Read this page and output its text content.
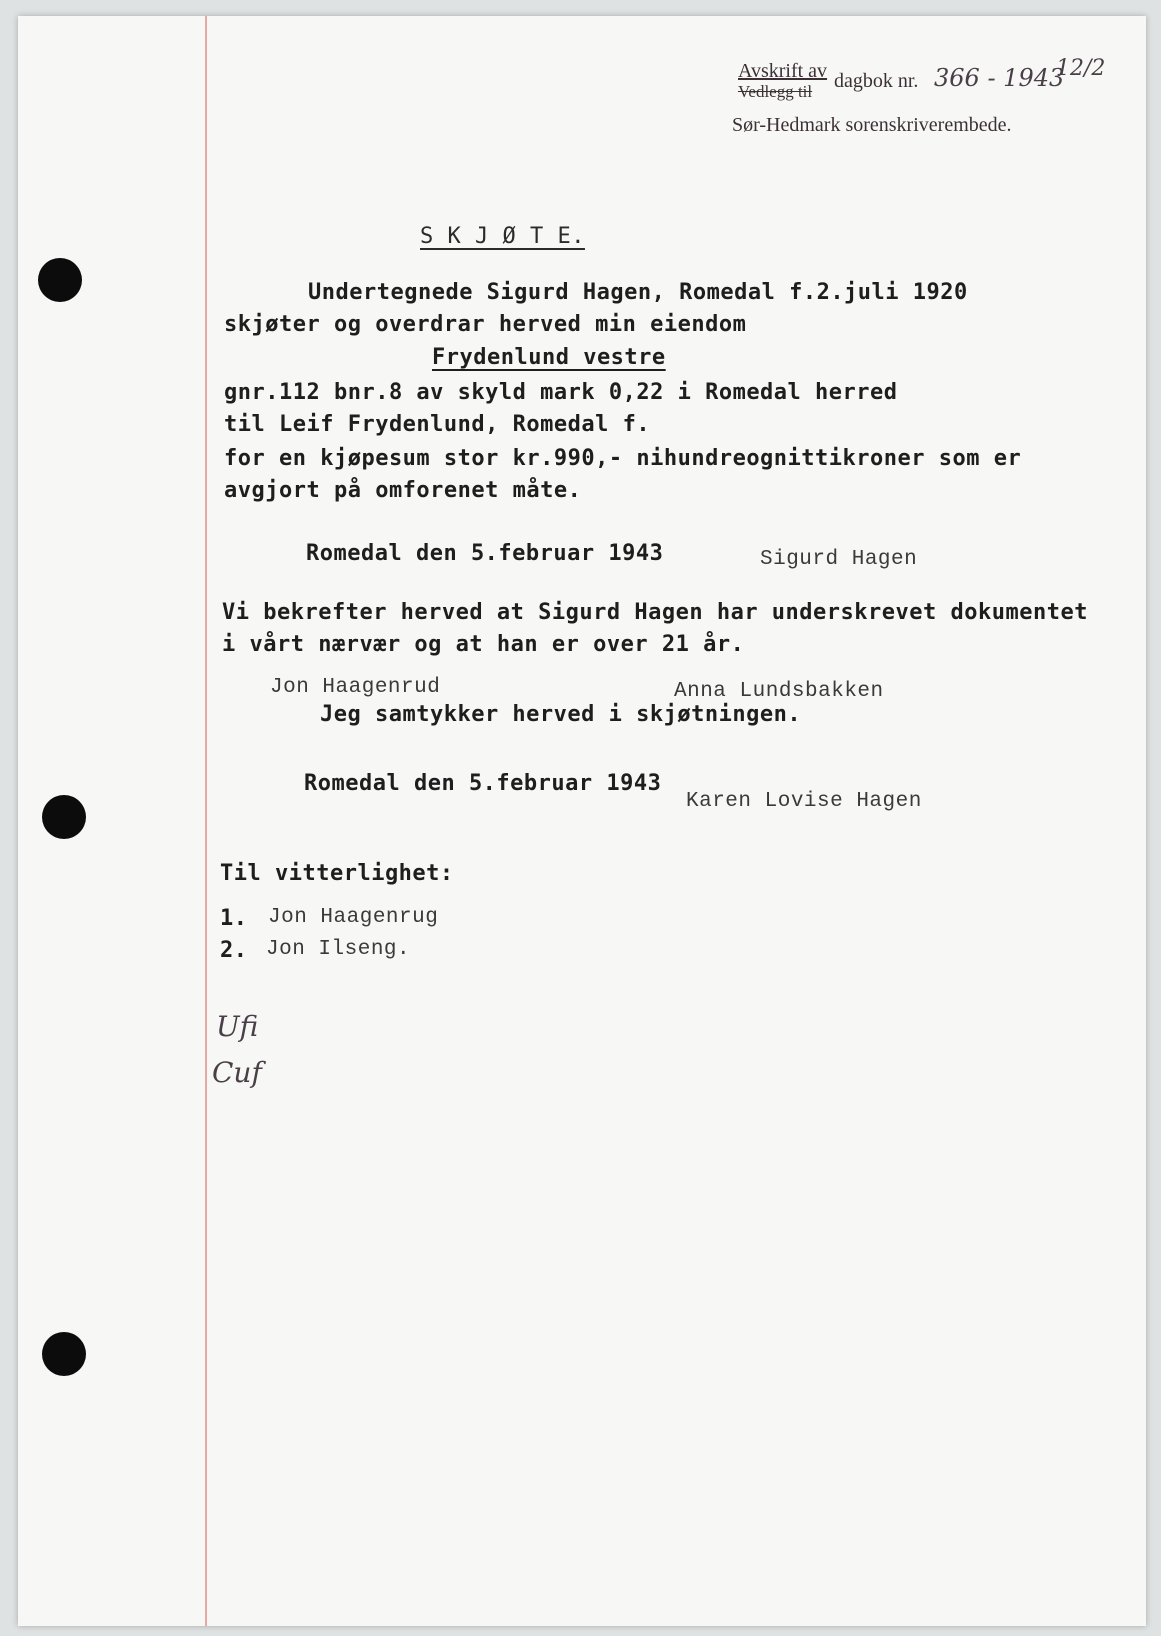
Avskrift av
Vedlegg til dagbok nr. 366 - 1943
12/2
Sør-Hedmark sorenskriverembede.
S K J Ø T E.
Undertegnede Sigurd Hagen, Romedal f.2.juli 1920
skjøter og overdrar herved min eiendom
Frydenlund vestre
gnr.112 bnr.8 av skyld mark 0,22 i Romedal herred
til Leif Frydenlund, Romedal f.
for en kjøpesum stor kr.990,- nihundreognittikroner som er
avgjort på omforenet måte.
Romedal den 5.februar 1943	Sigurd Hagen
Vi bekrefter herved at Sigurd Hagen har underskrevet dokumentet
i vårt nærvær og at han er over 21 år.
Jon Haagenrud	Anna Lundsbakken
Jeg samtykker herved i skjøtningen.
Romedal den 5.februar 1943
Karen Lovise Hagen
Til vitterlighet:
1. Jon Haagenrug
2. Jon Ilseng.
Ufi
Cuf
